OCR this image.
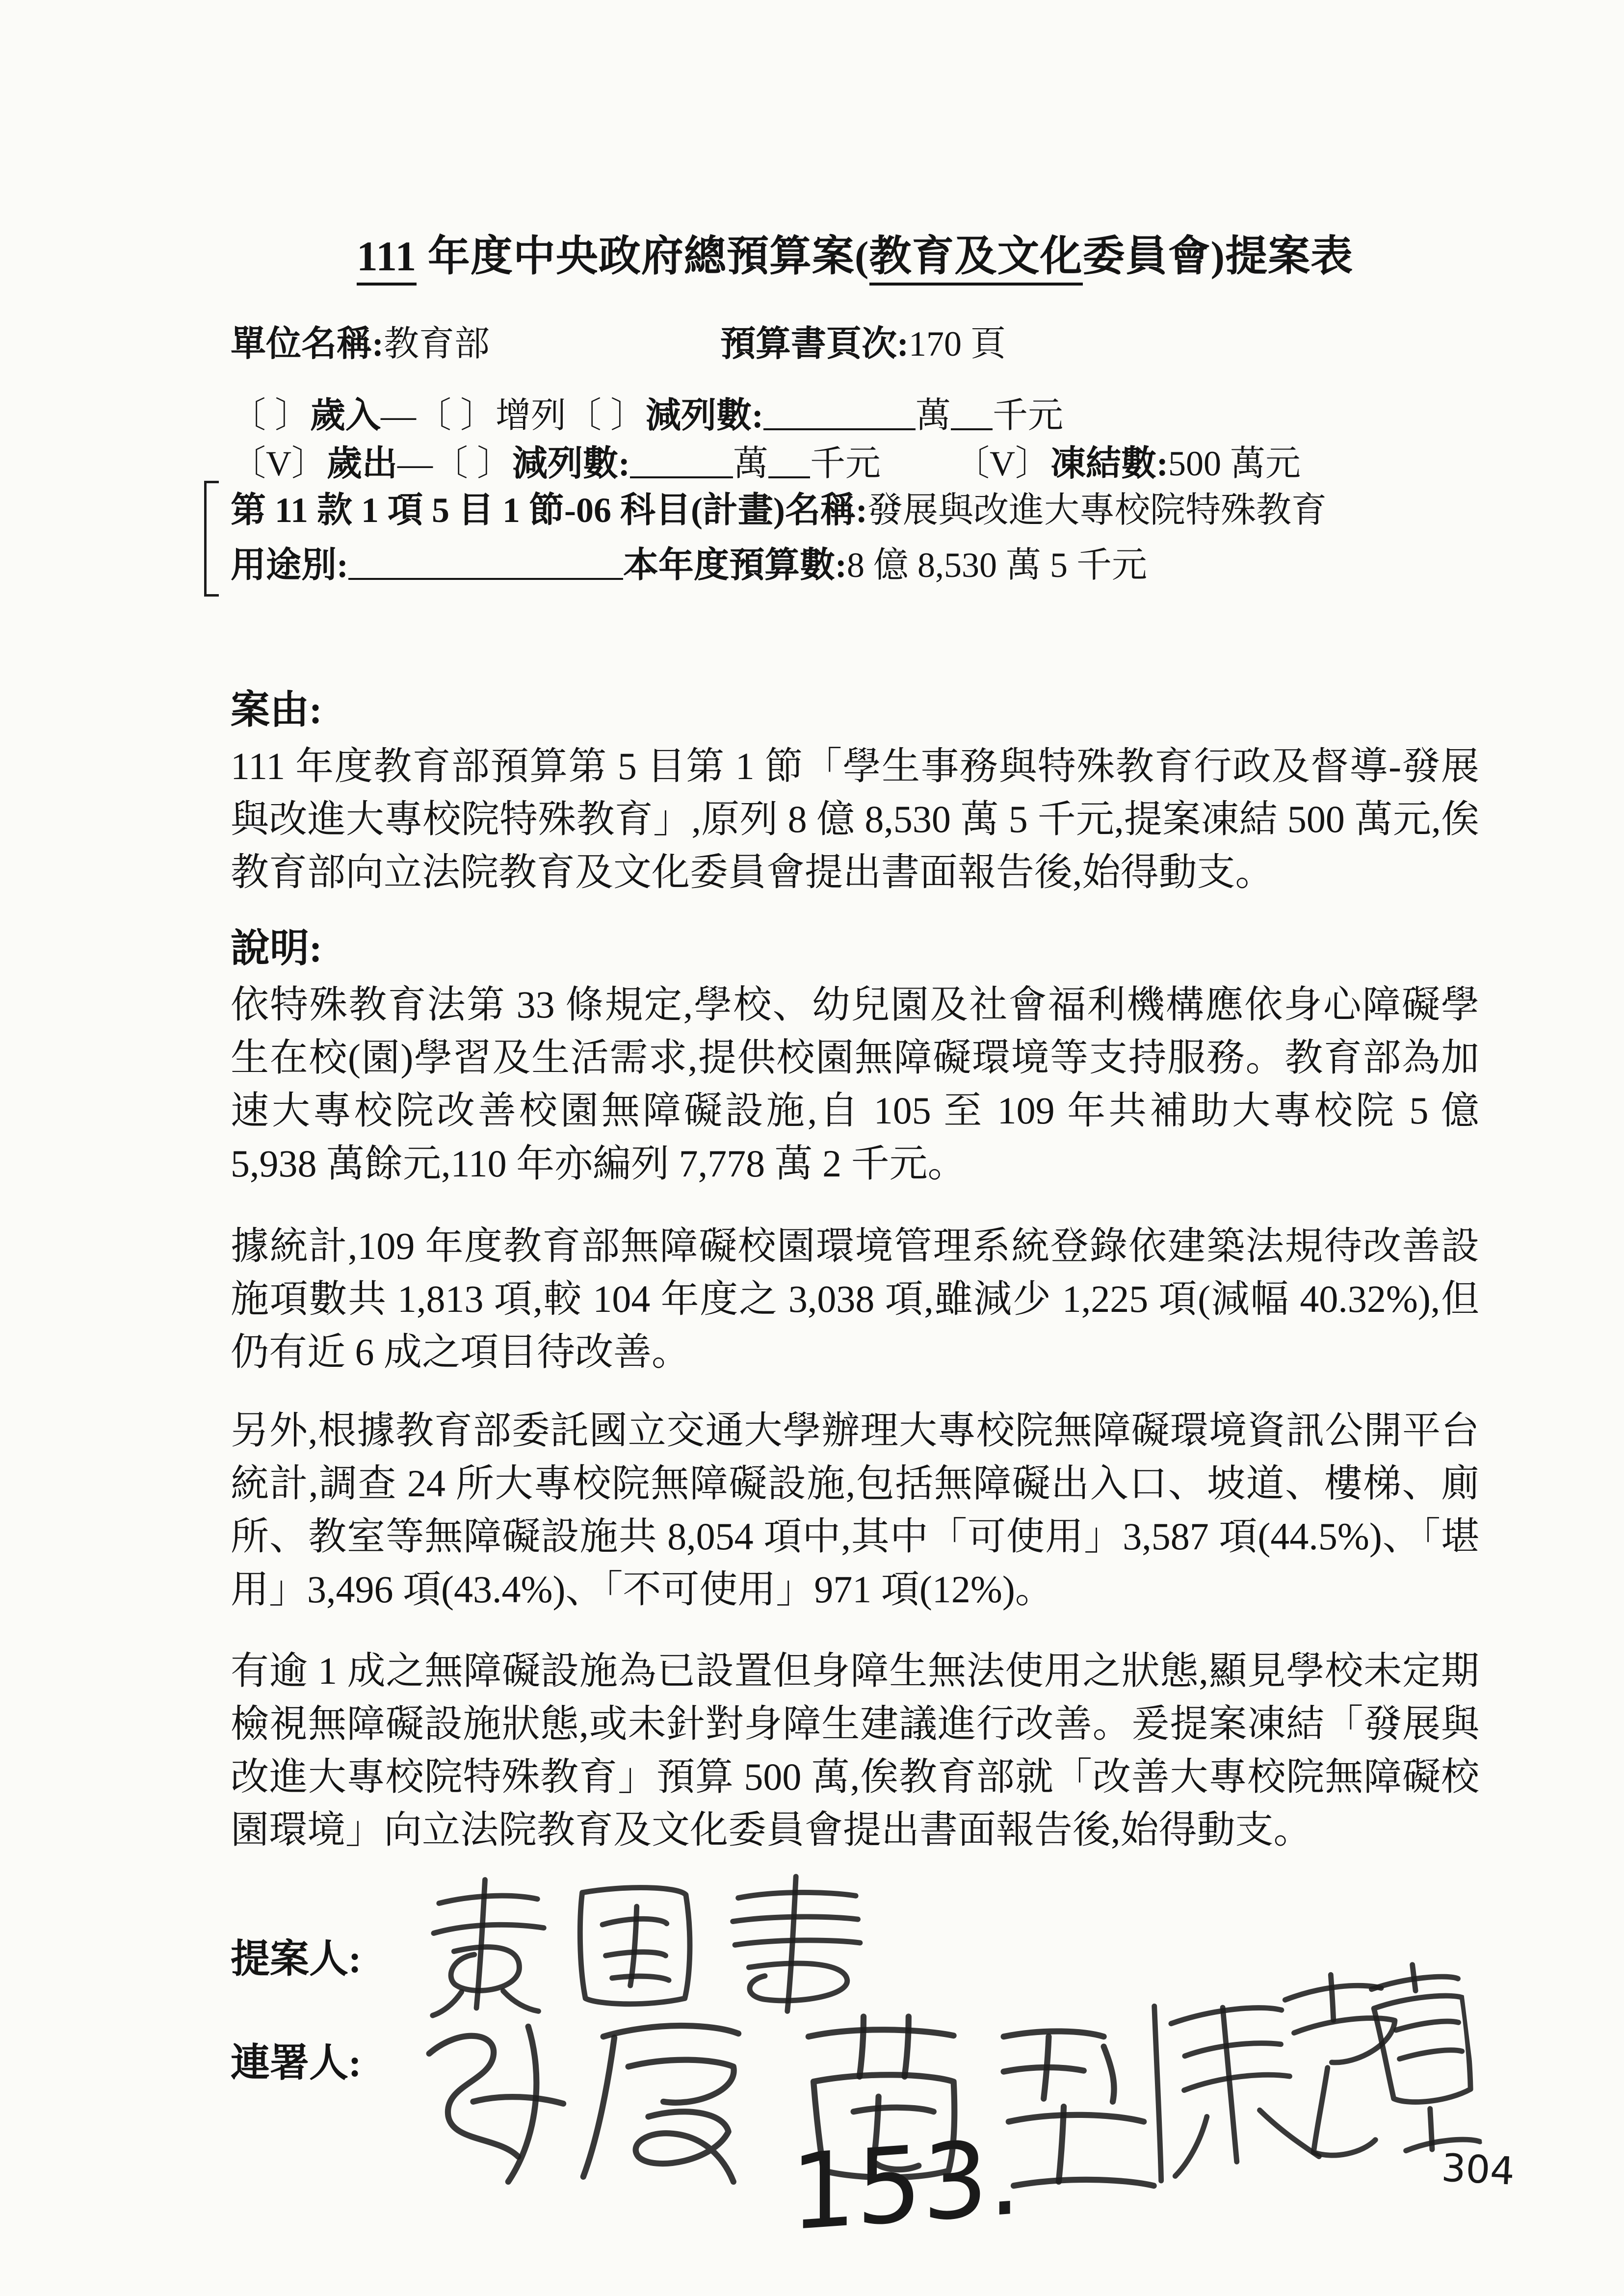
111 年度中央政府總預算案(教育及文化委員會)提案表
單位名稱:教育部	預算書頁次:170 頁
〔 〕歲入—〔 〕增列〔 〕減列數:	萬 千元
〔V〕歲出—〔 〕減列數:	萬 千元 〔V〕凍結數:500 萬元
第 11 款 1 項 5 目 1 節-06 科目(計畫)名稱:發展與改進大專校院特殊教育
用途別:	本年度預算數:8 億 8,530 萬 5 千元
案由:
111 年度教育部預算第 5 目第 1 節「學生事務與特殊教育行政及督導-發展與改進大專校院特殊教育」,原列 8 億 8,530 萬 5 千元,提案凍結 500 萬元,俟教育部向立法院教育及文化委員會提出書面報告後,始得動支。
說明:
依特殊教育法第 33 條規定,學校、幼兒園及社會福利機構應依身心障礙學生在校(園)學習及生活需求,提供校園無障礙環境等支持服務。教育部為加速大專校院改善校園無障礙設施,自 105 至 109 年共補助大專校院 5 億 5,938 萬餘元,110 年亦編列 7,778 萬 2 千元。
據統計,109 年度教育部無障礙校園環境管理系統登錄依建築法規待改善設施項數共 1,813 項,較 104 年度之 3,038 項,雖減少 1,225 項(減幅 40.32%),但仍有近 6 成之項目待改善。
另外,根據教育部委託國立交通大學辦理大專校院無障礙環境資訊公開平台統計,調查 24 所大專校院無障礙設施,包括無障礙出入口、坡道、樓梯、廁所、教室等無障礙設施共 8,054 項中,其中「可使用」3,587 項(44.5%)、「堪用」3,496 項(43.4%)、「不可使用」971 項(12%)。
有逾 1 成之無障礙設施為已設置但身障生無法使用之狀態,顯見學校未定期檢視無障礙設施狀態,或未針對身障生建議進行改善。爰提案凍結「發展與改進大專校院特殊教育」預算 500 萬,俟教育部就「改善大專校院無障礙校園環境」向立法院教育及文化委員會提出書面報告後,始得動支。
提案人:
連署人:
153.	304
